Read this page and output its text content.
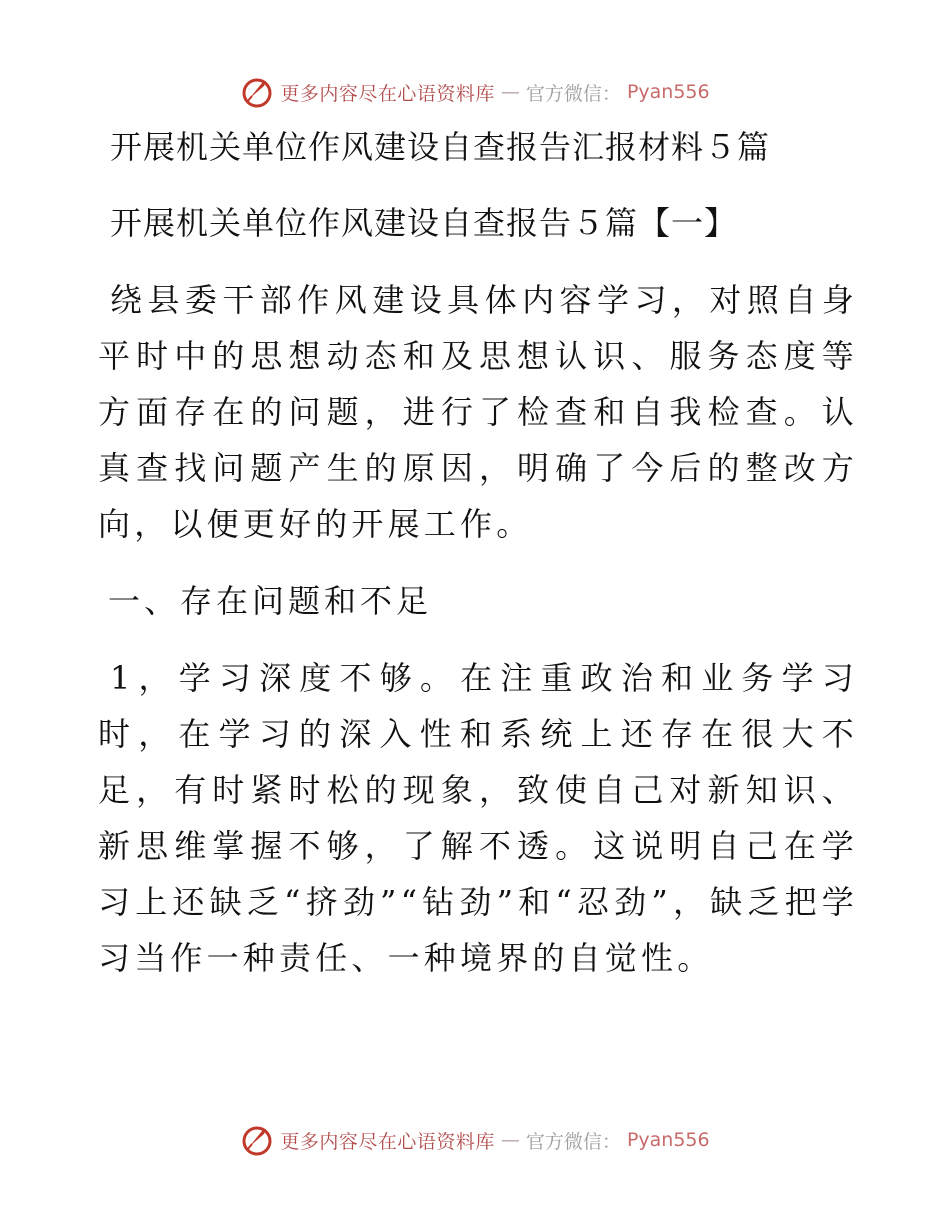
更多内容尽在心语资料库 — 官方微信： Pyan556
开展机关单位作风建设自查报告汇报材料５篇
开展机关单位作风建设自查报告５篇【一】
绕县委干部作风建设具体内容学习，对照自身平时中的思想动态和及思想认识、服务态度等方面存在的问题，进行了检查和自我检查。认真查找问题产生的原因，明确了今后的整改方向，以便更好的开展工作。
一、存在问题和不足
1，学习深度不够。在注重政治和业务学习时，在学习的深入性和系统上还存在很大不足，有时紧时松的现象，致使自己对新知识、新思维掌握不够，了解不透。这说明自己在学习上还缺乏“挤劲”“钻劲”和“忍劲”，缺乏把学习当作一种责任、一种境界的自觉性。
更多内容尽在心语资料库 — 官方微信： Pyan556
